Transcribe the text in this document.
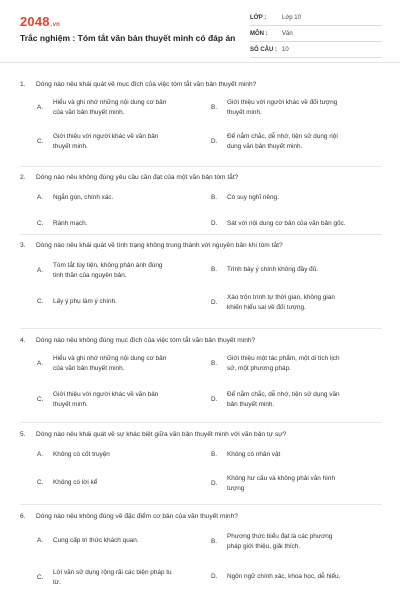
2048.vn
Trắc nghiệm : Tóm tắt văn bản thuyết minh có đáp án
LỚP :	Lớp 10
MÔN :	Văn
SỐ CÂU : 10
1.	Dòng nào nêu khái quát về mục đích của việc tóm tắt văn bản thuyết minh?
A.
Hiểu và ghi nhớ những nội dung cơ bản của văn bản thuyết minh.
B.
Giới thiệu với người khác về đối tượng thuyết minh.
C.
Giới thiệu với người khác về văn bản thuyết minh.
D.
Để nắm chắc, dễ nhớ, tiện sử dụng nội dung văn bản thuyết minh.
2.	Dòng nào nêu không đúng yêu cầu cần đạt của một văn bản tóm tắt?
A.	Ngắn gọn, chính xác.	B.	Có suy nghĩ riêng.
C.	Rành mạch.	D.	Sát với nội dung cơ bản của văn bản gốc.
3.	Dòng nào nêu khái quát về tình trạng không trung thành với nguyên bản khi tóm tắt?
A.
Tóm tắt tùy tiện, không phản ánh đúng tinh thần của nguyên bản.
B.	Trình bày ý chính không đầy đủ.
C.	Lấy ý phụ làm ý chính.	D.
Xáo trộn trình tự thời gian, không gian khiến hiểu sai về đối tượng.
4.	Dòng nào nêu không đúng mục đích của việc tóm tắt văn bản thuyết minh?
A.
Hiểu và ghi nhớ những nội dung cơ bản của văn bản thuyết minh.
B.
Giới thiệu một tác phẩm, một di tích lịch sử, một phương pháp.
C.
Giới thiệu với người khác về văn bản thuyết minh.
D.
Để nắm chắc, dễ nhớ, tiện sử dụng văn bản thuyết minh.
5.	Dòng nào nêu khái quát về sự khác biệt giữa văn bản thuyết minh với văn bản tự sự?
A.	Không có cốt truyện	B.	Không có nhân vật
C.	Không có lời kể	D.
Không hư cấu và không phải văn hình tượng
6.	Dòng nào nêu không đúng về đặc điểm cơ bản của văn thuyết minh?
A.	Cung cấp tri thức khách quan.	B.
Phương thức biểu đạt là các phương pháp giới thiệu, giải thích.
C.
Lời văn sử dụng rộng rãi các biện pháp tu từ.
D.	Ngôn ngữ chính xác, khoa học, dễ hiểu.
